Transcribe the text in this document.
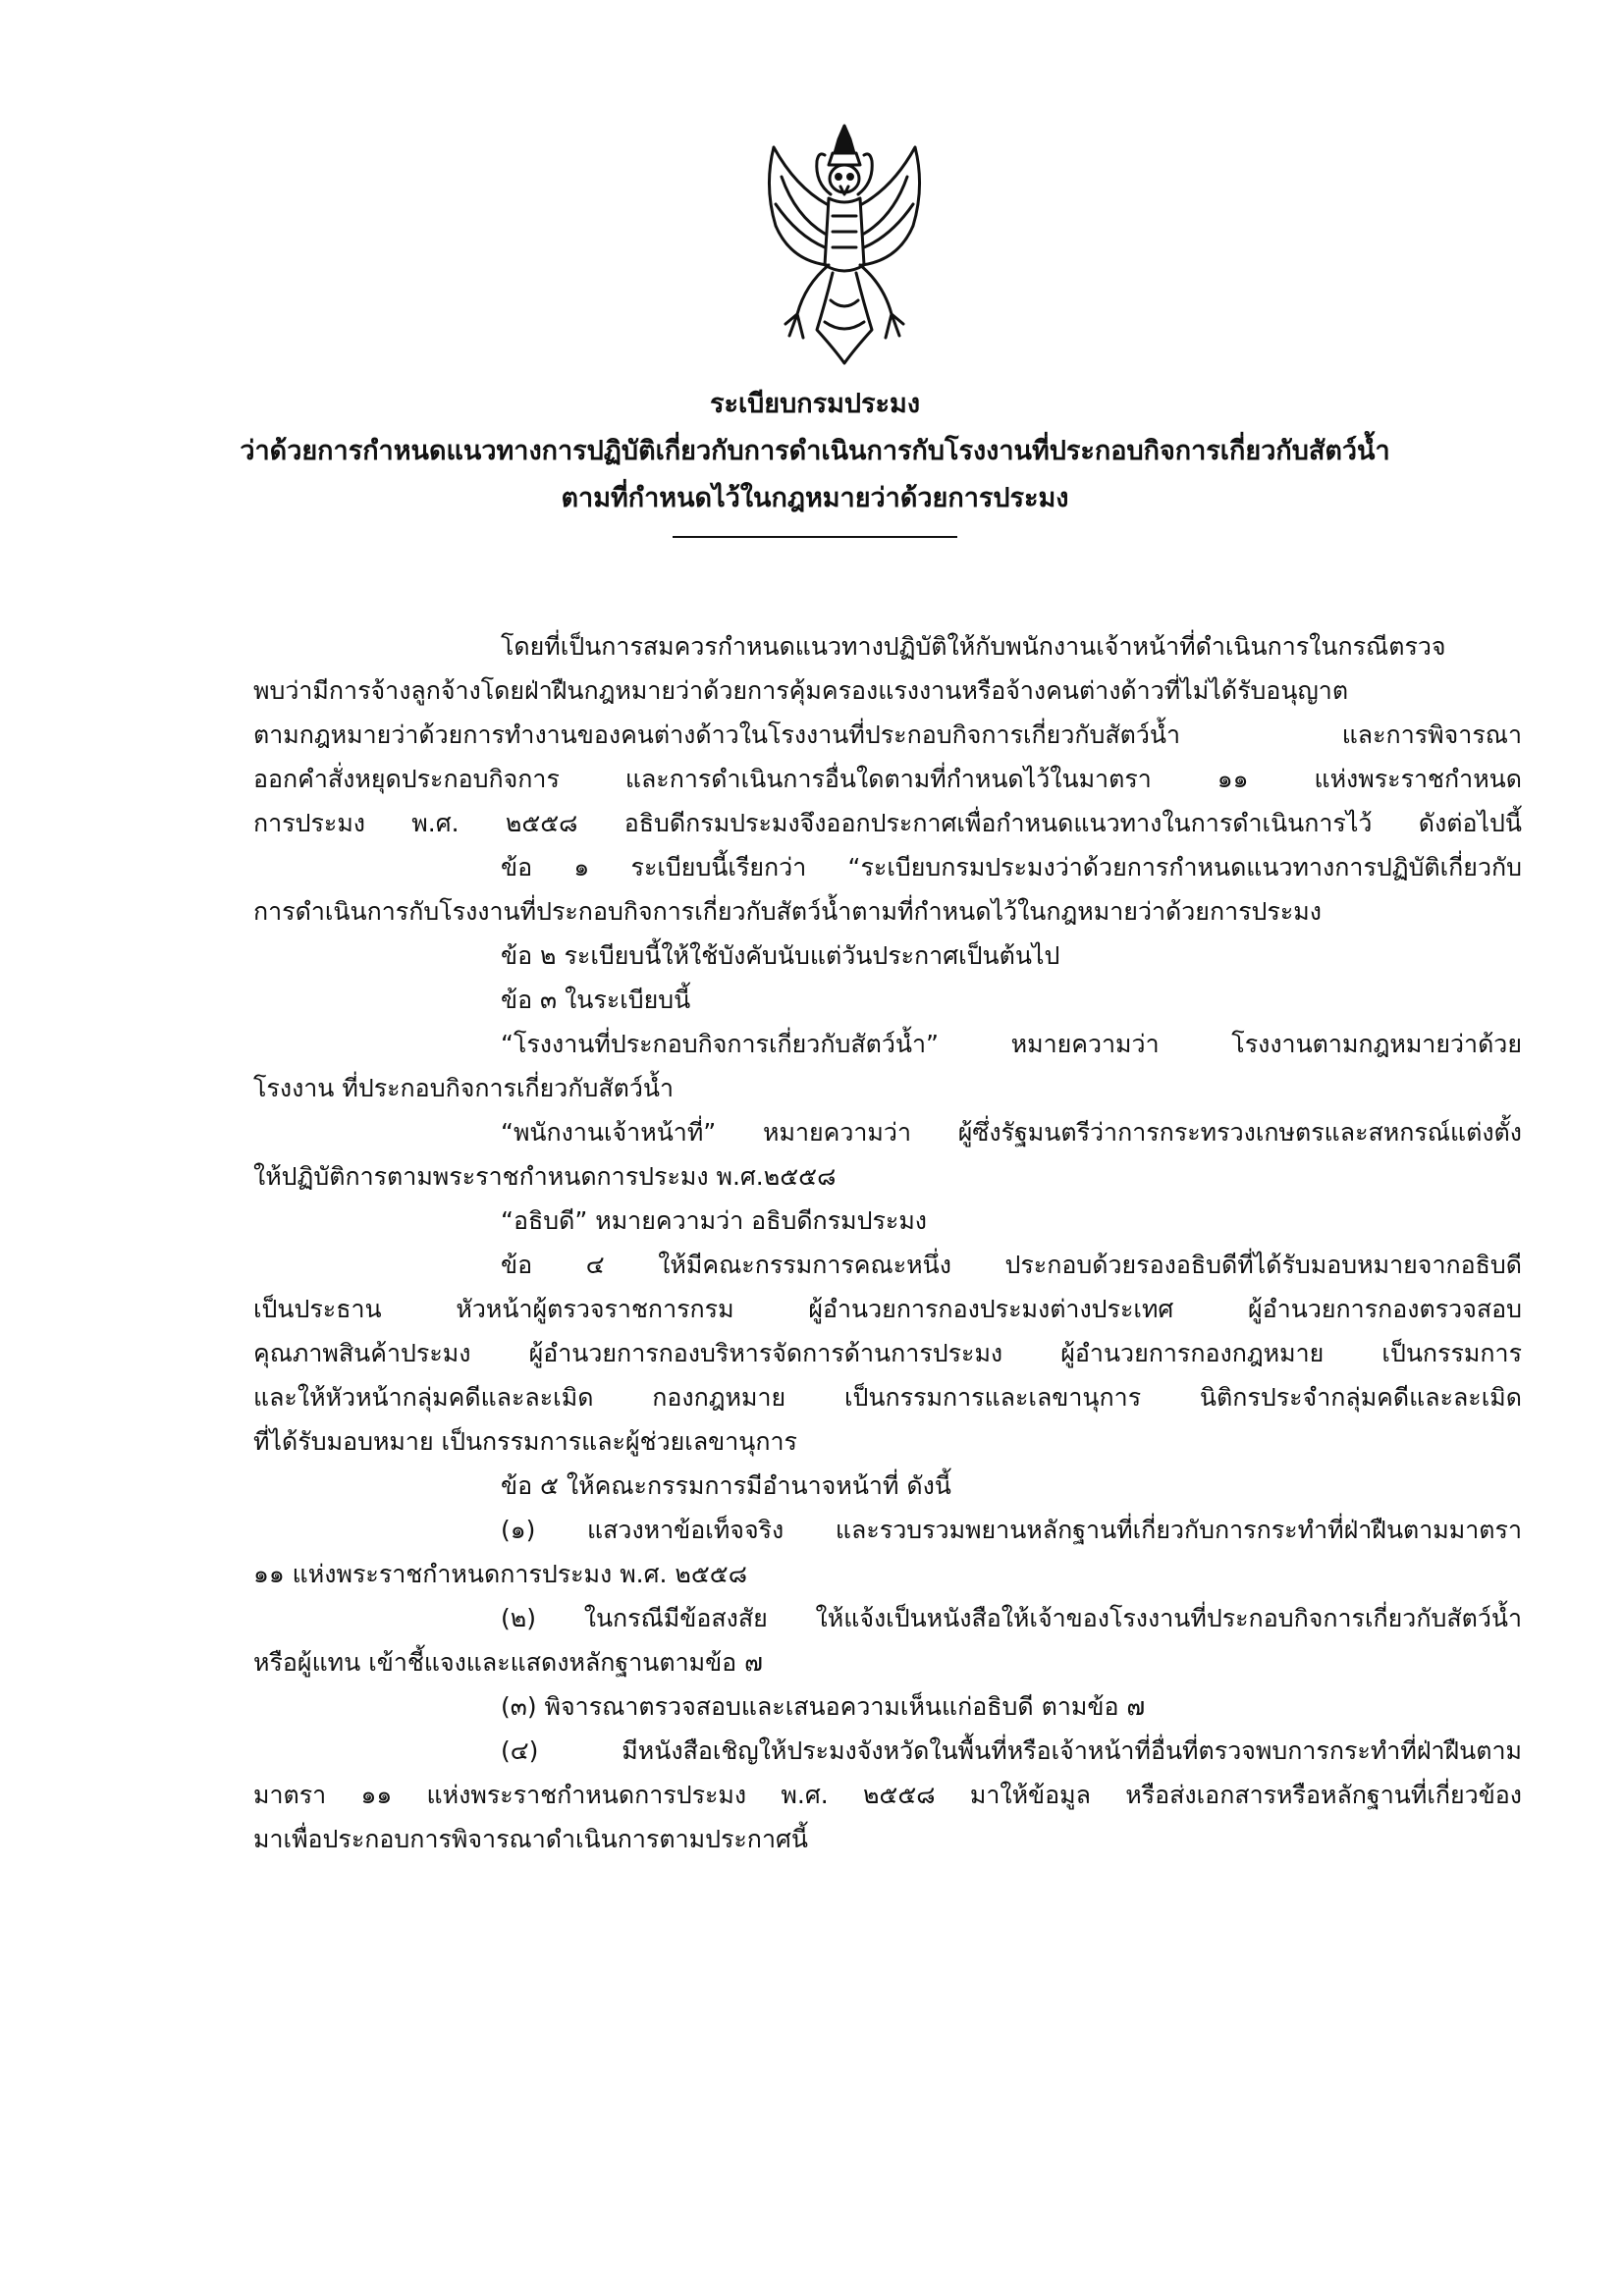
ระเบียบกรมประมง
ว่าด้วยการกำหนดแนวทางการปฏิบัติเกี่ยวกับการดำเนินการกับโรงงานที่ประกอบกิจการเกี่ยวกับสัตว์น้ำ
ตามที่กำหนดไว้ในกฎหมายว่าด้วยการประมง
โดยที่เป็นการสมควรกำหนดแนวทางปฏิบัติให้กับพนักงานเจ้าหน้าที่ดำเนินการในกรณีตรวจ
พบว่ามีการจ้างลูกจ้างโดยฝ่าฝืนกฎหมายว่าด้วยการคุ้มครองแรงงานหรือจ้างคนต่างด้าวที่ไม่ได้รับอนุญาต
ตามกฎหมายว่าด้วยการทำงานของคนต่างด้าวในโรงงานที่ประกอบกิจการเกี่ยวกับสัตว์น้ำ และการพิจารณา
ออกคำสั่งหยุดประกอบกิจการ และการดำเนินการอื่นใดตามที่กำหนดไว้ในมาตรา ๑๑ แห่งพระราชกำหนด
การประมง พ.ศ. ๒๕๕๘ อธิบดีกรมประมงจึงออกประกาศเพื่อกำหนดแนวทางในการดำเนินการไว้ ดังต่อไปนี้
ข้อ ๑ ระเบียบนี้เรียกว่า “ระเบียบกรมประมงว่าด้วยการกำหนดแนวทางการปฏิบัติเกี่ยวกับ
การดำเนินการกับโรงงานที่ประกอบกิจการเกี่ยวกับสัตว์น้ำตามที่กำหนดไว้ในกฎหมายว่าด้วยการประมง
ข้อ ๒ ระเบียบนี้ให้ใช้บังคับนับแต่วันประกาศเป็นต้นไป
ข้อ ๓ ในระเบียบนี้
“โรงงานที่ประกอบกิจการเกี่ยวกับสัตว์น้ำ” หมายความว่า โรงงานตามกฎหมายว่าด้วย
โรงงาน ที่ประกอบกิจการเกี่ยวกับสัตว์น้ำ
“พนักงานเจ้าหน้าที่” หมายความว่า ผู้ซึ่งรัฐมนตรีว่าการกระทรวงเกษตรและสหกรณ์แต่งตั้ง
ให้ปฏิบัติการตามพระราชกำหนดการประมง พ.ศ.๒๕๕๘
“อธิบดี” หมายความว่า อธิบดีกรมประมง
ข้อ ๔ ให้มีคณะกรรมการคณะหนึ่ง ประกอบด้วยรองอธิบดีที่ได้รับมอบหมายจากอธิบดี
เป็นประธาน หัวหน้าผู้ตรวจราชการกรม ผู้อำนวยการกองประมงต่างประเทศ ผู้อำนวยการกองตรวจสอบ
คุณภาพสินค้าประมง ผู้อำนวยการกองบริหารจัดการด้านการประมง ผู้อำนวยการกองกฎหมาย เป็นกรรมการ
และให้หัวหน้ากลุ่มคดีและละเมิด กองกฎหมาย เป็นกรรมการและเลขานุการ นิติกรประจำกลุ่มคดีและละเมิด
ที่ได้รับมอบหมาย เป็นกรรมการและผู้ช่วยเลขานุการ
ข้อ ๕ ให้คณะกรรมการมีอำนาจหน้าที่ ดังนี้
(๑) แสวงหาข้อเท็จจริง และรวบรวมพยานหลักฐานที่เกี่ยวกับการกระทำที่ฝ่าฝืนตามมาตรา
๑๑ แห่งพระราชกำหนดการประมง พ.ศ. ๒๕๕๘
(๒) ในกรณีมีข้อสงสัย ให้แจ้งเป็นหนังสือให้เจ้าของโรงงานที่ประกอบกิจการเกี่ยวกับสัตว์น้ำ
หรือผู้แทน เข้าชี้แจงและแสดงหลักฐานตามข้อ ๗
(๓) พิจารณาตรวจสอบและเสนอความเห็นแก่อธิบดี ตามข้อ ๗
(๔) มีหนังสือเชิญให้ประมงจังหวัดในพื้นที่หรือเจ้าหน้าที่อื่นที่ตรวจพบการกระทำที่ฝ่าฝืนตาม
มาตรา ๑๑ แห่งพระราชกำหนดการประมง พ.ศ. ๒๕๕๘ มาให้ข้อมูล หรือส่งเอกสารหรือหลักฐานที่เกี่ยวข้อง
มาเพื่อประกอบการพิจารณาดำเนินการตามประกาศนี้
